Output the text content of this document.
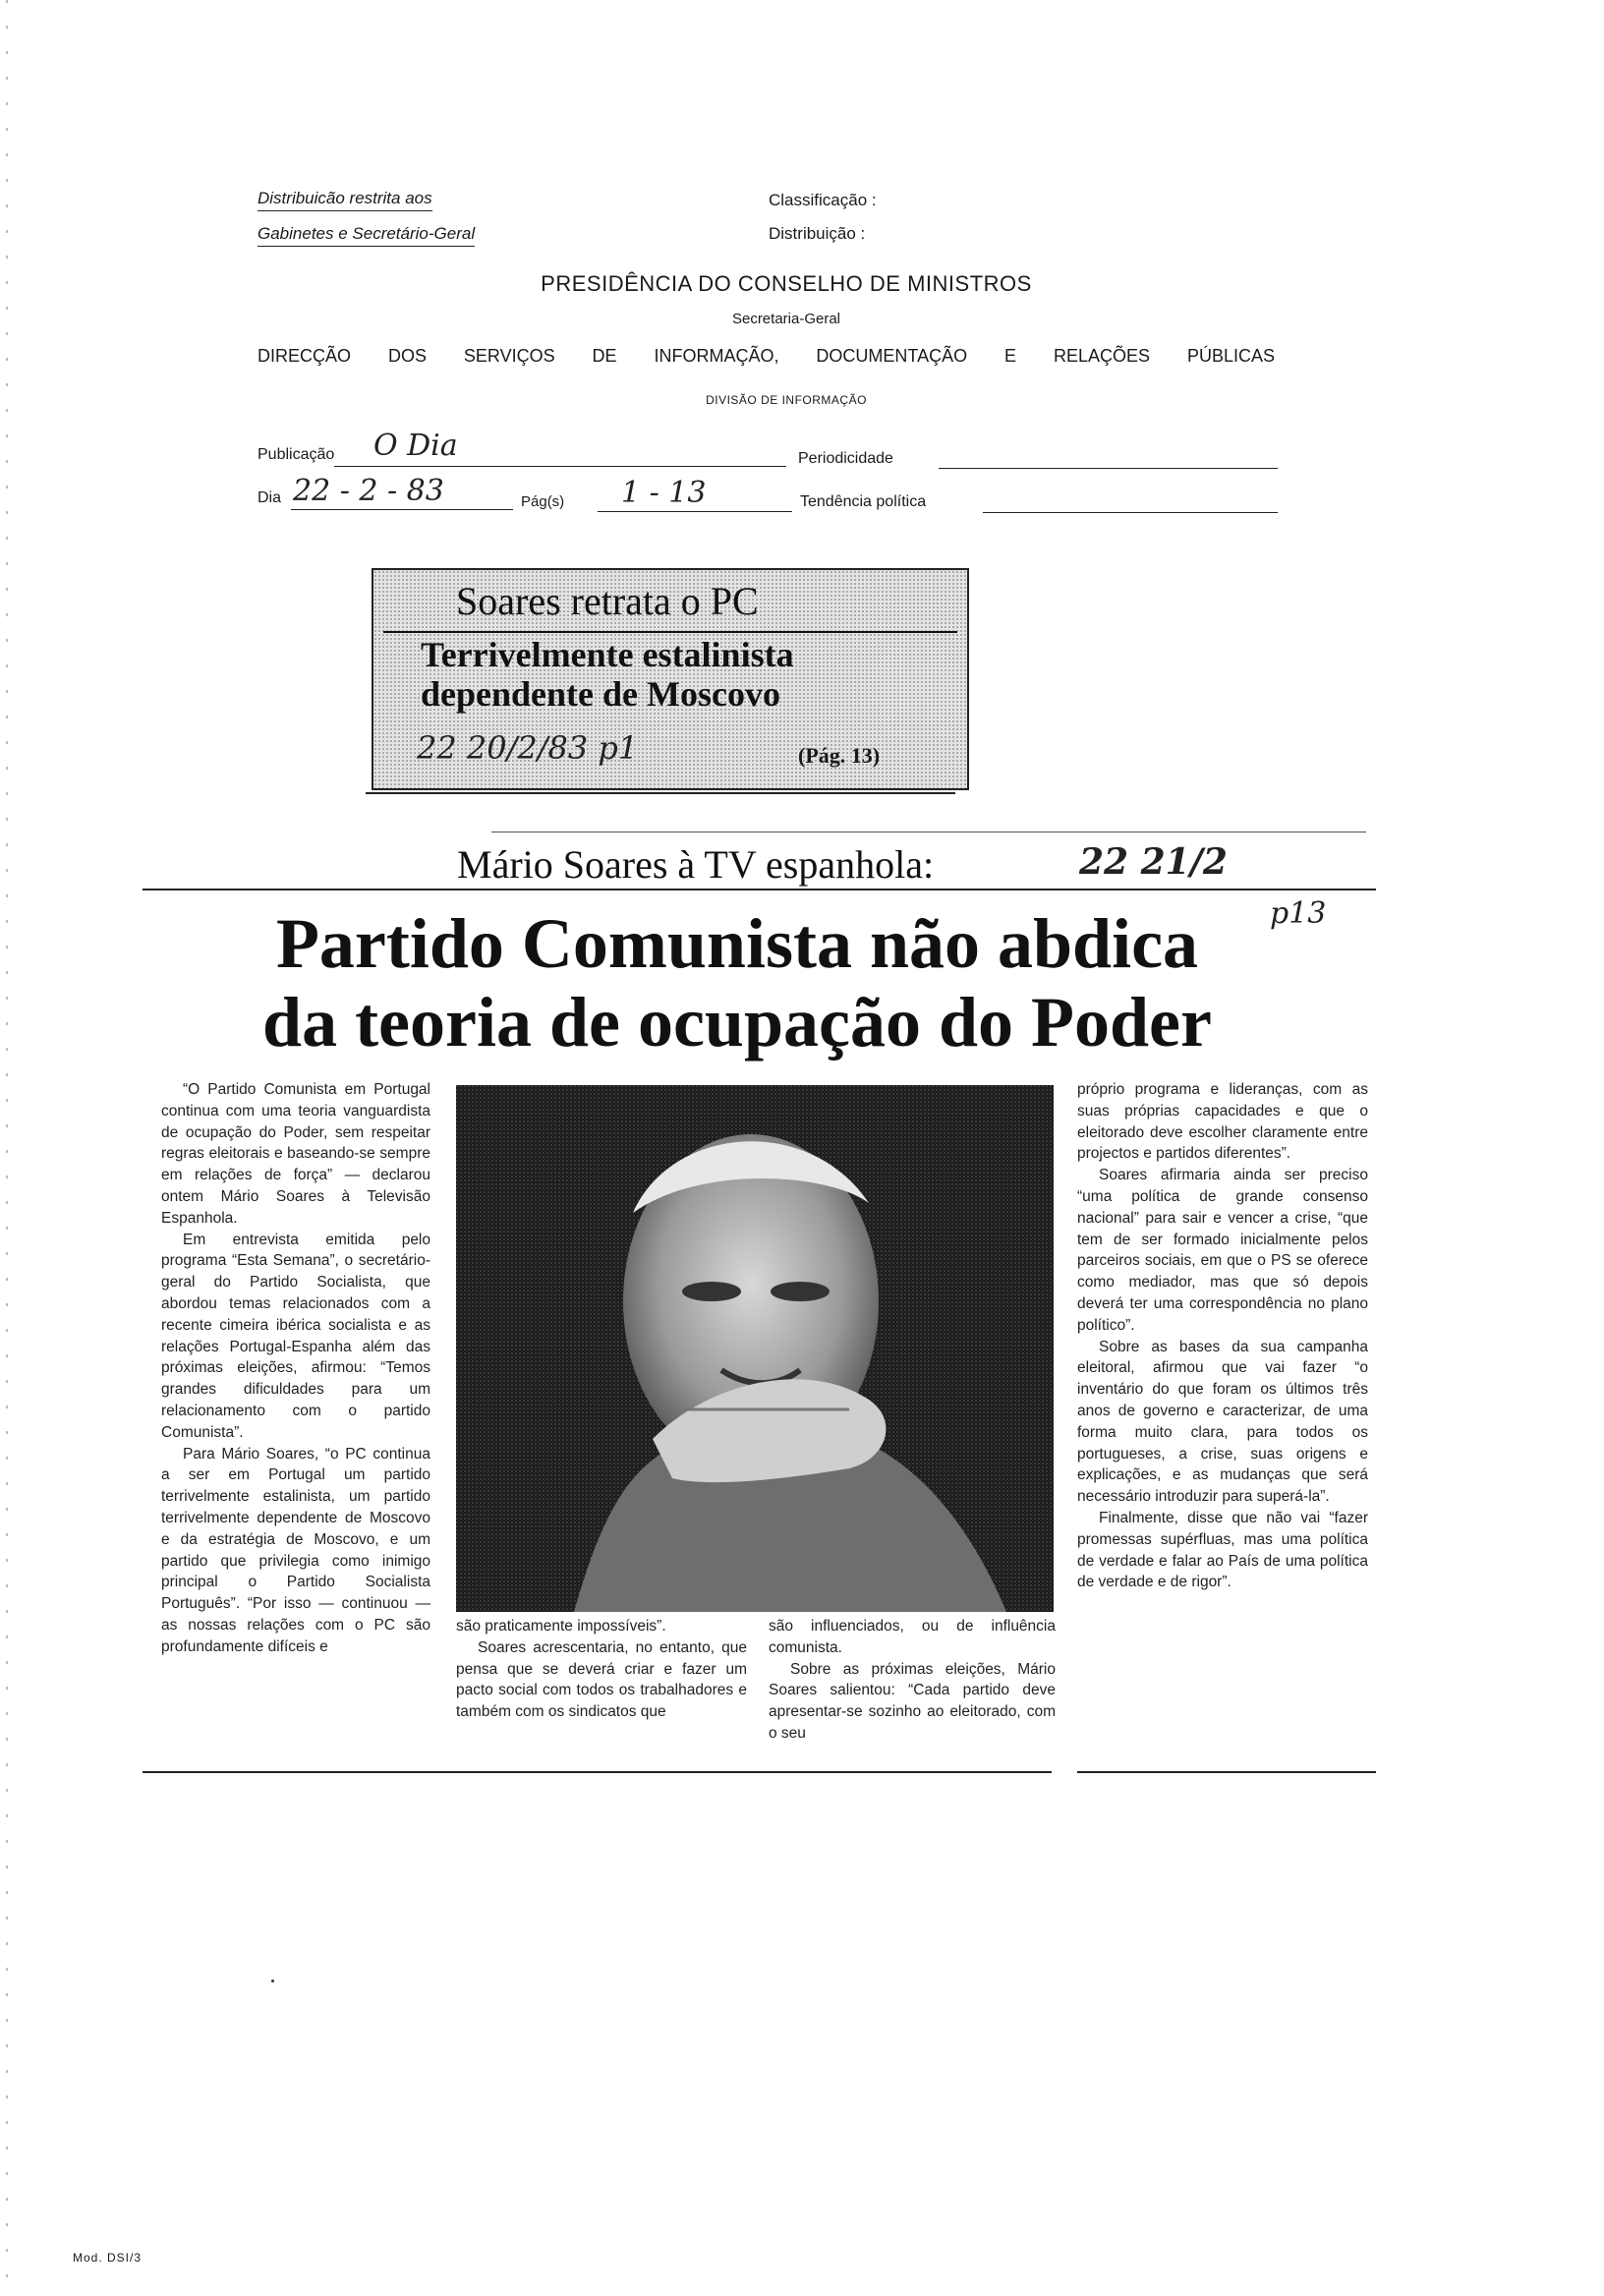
Distribuicão restrita aos
Gabinetes e Secretário-Geral
Classificação :
Distribuição :
PRESIDÊNCIA DO CONSELHO DE MINISTROS
Secretaria-Geral
DIRECÇÃO DOS SERVIÇOS DE INFORMAÇÃO, DOCUMENTAÇÃO E RELAÇÕES PÚBLICAS
DIVISÃO DE INFORMAÇÃO
Publicação O Dia	Periodicidade
Dia 22 - 2 - 83	Pág(s) 1 - 13	Tendência política
Soares retrata o PC
Terrivelmente estalinista
dependente de Moscovo
22 20/2/83 p1	(Pág. 13)
Mário Soares à TV espanhola:	22 21/2
p13
Partido Comunista não abdica
da teoria de ocupação do Poder

“O Partido Comunista em Portugal continua com uma teoria vanguardista de ocupação do Poder, sem respeitar regras eleitorais e baseando-se sempre em relações de força” — declarou ontem Mário Soares à Televisão Espanhola.

Em entrevista emitida pelo programa “Esta Semana”, o secretário-geral do Partido Socialista, que abordou temas relacionados com a recente cimeira ibérica socialista e as relações Portugal-Espanha além das próximas eleições, afirmou: “Temos grandes dificuldades para um relacionamento com o partido Comunista”.

Para Mário Soares, “o PC continua a ser em Portugal um partido terrivelmente estalinista, um partido terrivelmente dependente de Moscovo e da estratégia de Moscovo, e um partido que privilegia como inimigo principal o Partido Socialista Português”. “Por isso — continuou — as nossas relações com o PC são profundamente difíceis e

são praticamente impossíveis”.

Soares acrescentaria, no entanto, que pensa que se deverá criar e fazer um pacto social com todos os trabalhadores e também com os sindicatos que

são influenciados, ou de influência comunista.

Sobre as próximas eleições, Mário Soares salientou: “Cada partido deve apresentar-se sozinho ao eleitorado, com o seu

próprio programa e lideranças, com as suas próprias capacidades e que o eleitorado deve escolher claramente entre projectos e partidos diferentes”.

Soares afirmaria ainda ser preciso “uma política de grande consenso nacional” para sair e vencer a crise, “que tem de ser formado inicialmente pelos parceiros sociais, em que o PS se oferece como mediador, mas que só depois deverá ter uma correspondência no plano político”.

Sobre as bases da sua campanha eleitoral, afirmou que vai fazer “o inventário do que foram os últimos três anos de governo e caracterizar, de uma forma muito clara, para todos os portugueses, a crise, suas origens e explicações, e as mudanças que será necessário introduzir para superá-la”.

Finalmente, disse que não vai “fazer promessas supérfluas, mas uma política de verdade e falar ao País de uma política de verdade e de rigor”.

Mod. DSI/3
